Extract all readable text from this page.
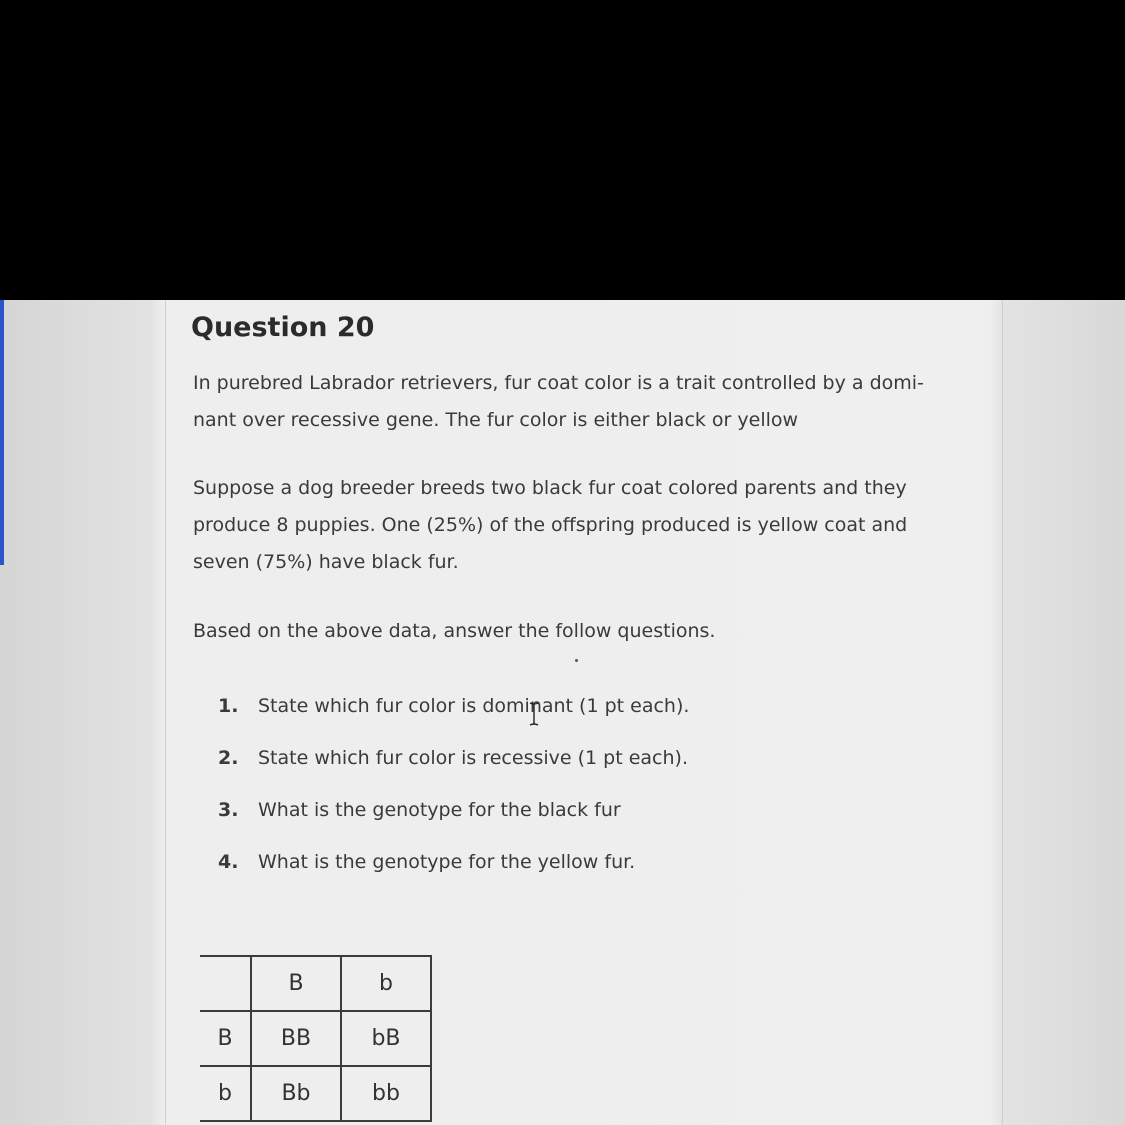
Question 20

In purebred Labrador retrievers, fur coat color is a trait controlled by a domi-
nant over recessive gene. The fur color is either black or yellow

Suppose a dog breeder breeds two black fur coat colored parents and they
produce 8 puppies. One (25%) of the offspring produced is yellow coat and
seven (75%) have black fur.

Based on the above data, answer the follow questions.

1. State which fur color is dominant (1 pt each).
2. State which fur color is recessive (1 pt each).
3. What is the genotype for the black fur
4. What is the genotype for the yellow fur.
	B	b
B	BB	bB
b	Bb	bb
